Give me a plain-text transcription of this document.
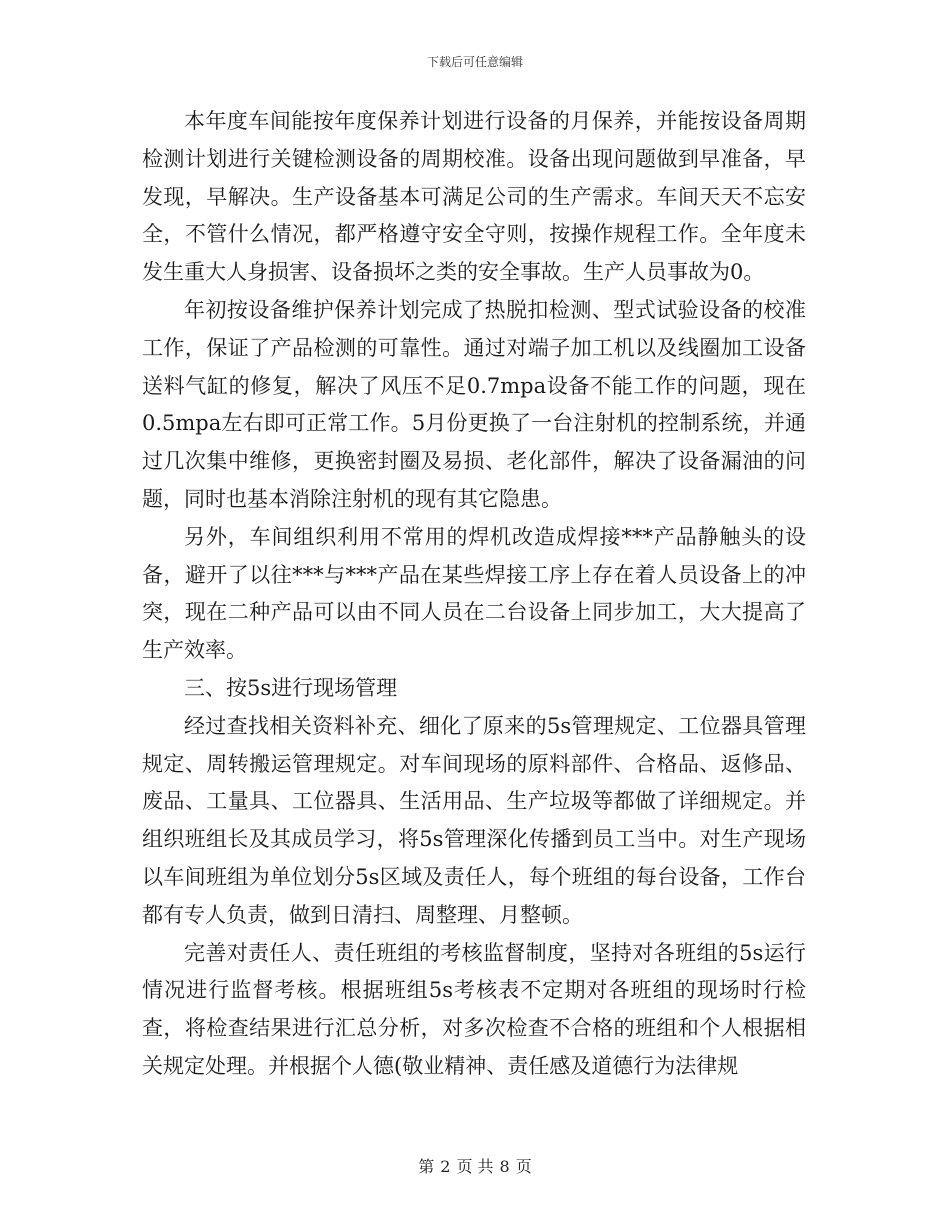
下载后可任意编辑

本年度车间能按年度保养计划进行设备的月保养，并能按设备周期检测计划进行关键检测设备的周期校准。设备出现问题做到早准备，早发现，早解决。生产设备基本可满足公司的生产需求。车间天天不忘安全，不管什么情况，都严格遵守安全守则，按操作规程工作。全年度未发生重大人身损害、设备损坏之类的安全事故。生产人员事故为0。

年初按设备维护保养计划完成了热脱扣检测、型式试验设备的校准工作，保证了产品检测的可靠性。通过对端子加工机以及线圈加工设备送料气缸的修复，解决了风压不足0.7mpa设备不能工作的问题，现在0.5mpa左右即可正常工作。5月份更换了一台注射机的控制系统，并通过几次集中维修，更换密封圈及易损、老化部件，解决了设备漏油的问题，同时也基本消除注射机的现有其它隐患。

另外，车间组织利用不常用的焊机改造成焊接***产品静触头的设备，避开了以往***与***产品在某些焊接工序上存在着人员设备上的冲突，现在二种产品可以由不同人员在二台设备上同步加工，大大提高了生产效率。

三、按5s进行现场管理

经过查找相关资料补充、细化了原来的5s管理规定、工位器具管理规定、周转搬运管理规定。对车间现场的原料部件、合格品、返修品、废品、工量具、工位器具、生活用品、生产垃圾等都做了详细规定。并组织班组长及其成员学习，将5s管理深化传播到员工当中。对生产现场以车间班组为单位划分5s区域及责任人，每个班组的每台设备，工作台都有专人负责，做到日清扫、周整理、月整顿。

完善对责任人、责任班组的考核监督制度，坚持对各班组的5s运行情况进行监督考核。根据班组5s考核表不定期对各班组的现场时行检查，将检查结果进行汇总分析，对多次检查不合格的班组和个人根据相关规定处理。并根据个人德(敬业精神、责任感及道德行为法律规

第 2 页 共 8 页
